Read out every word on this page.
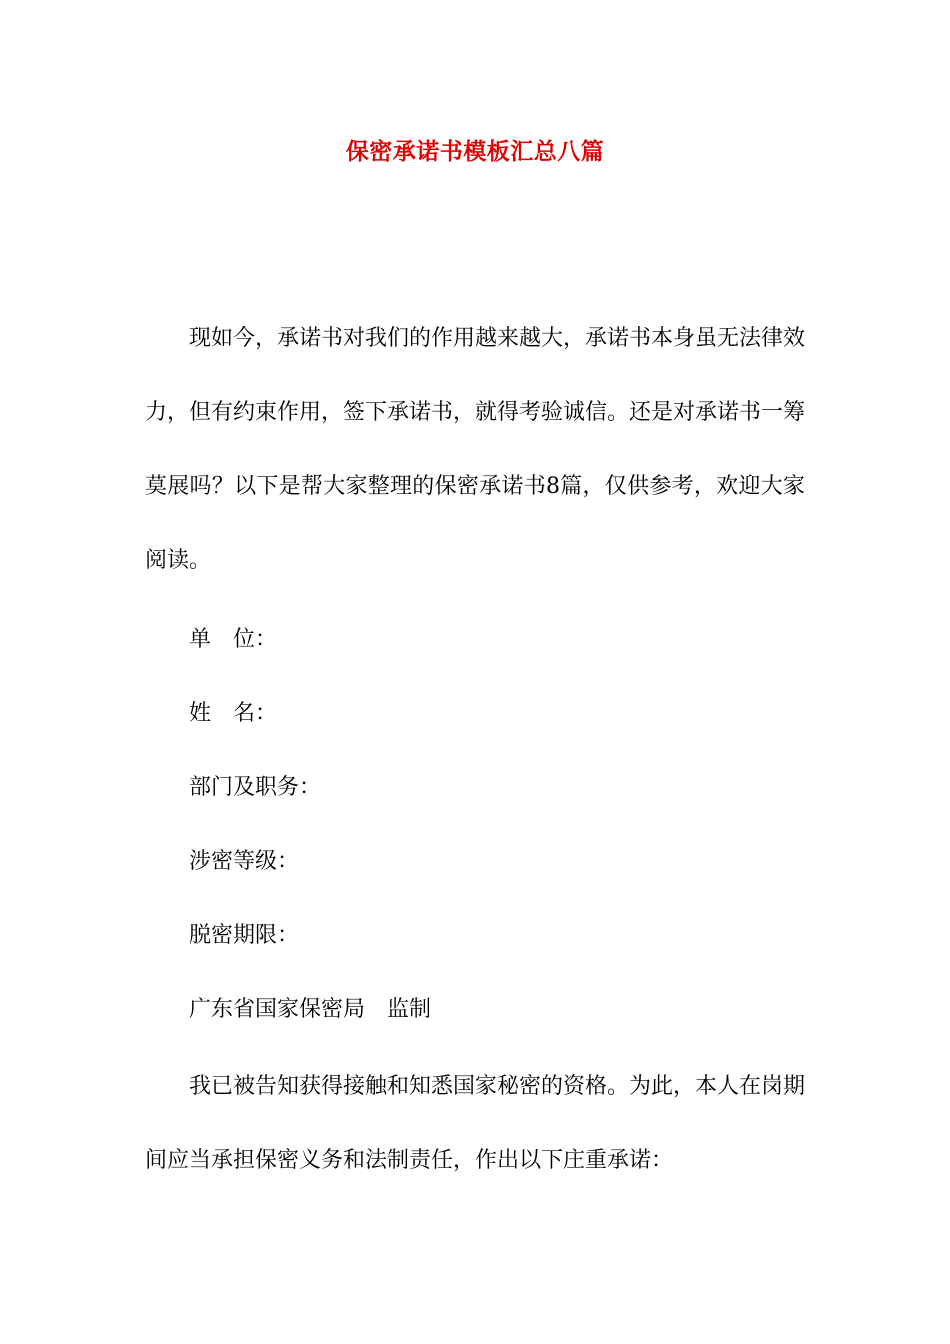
保密承诺书模板汇总八篇
现如今，承诺书对我们的作用越来越大，承诺书本身虽无法律效力，但有约束作用，签下承诺书，就得考验诚信。还是对承诺书一筹莫展吗？以下是帮大家整理的保密承诺书8篇，仅供参考，欢迎大家阅读。
单　位：
姓　名：
部门及职务：
涉密等级：
脱密期限：
广东省国家保密局　监制
我已被告知获得接触和知悉国家秘密的资格。为此，本人在岗期间应当承担保密义务和法制责任，作出以下庄重承诺：
